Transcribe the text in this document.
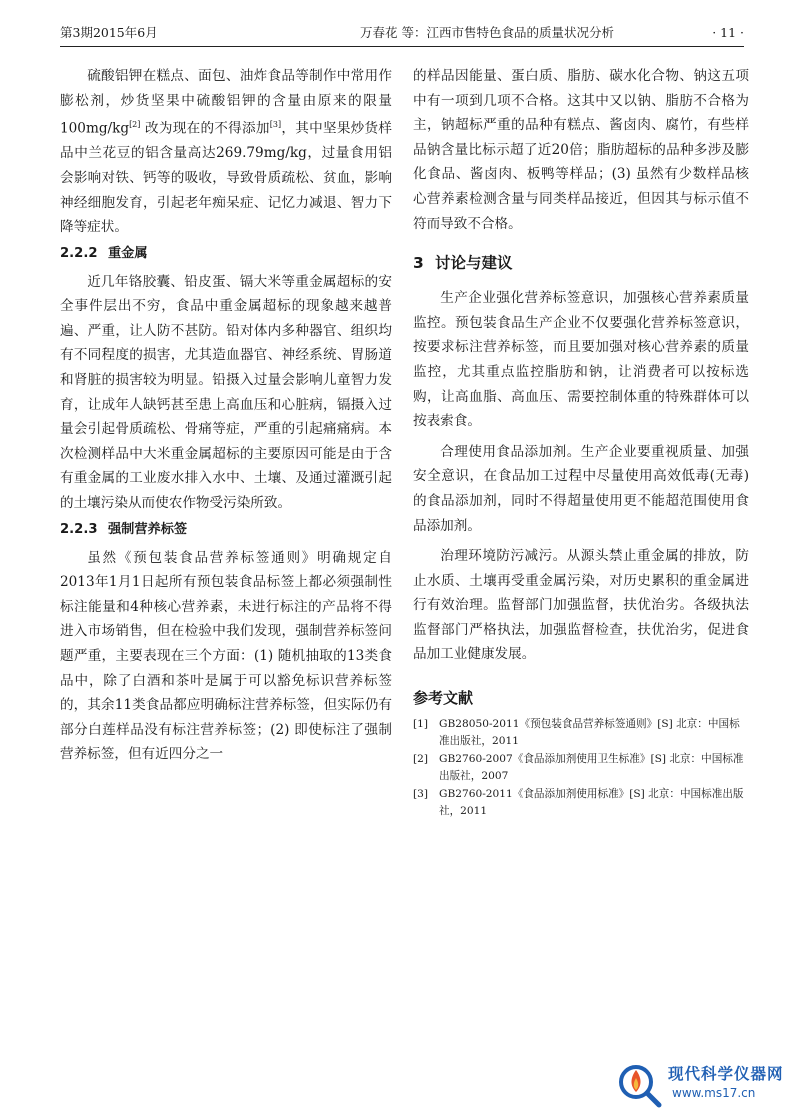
第3期2015年6月	万春花 等：江西市售特色食品的质量状况分析	· 11 ·

硫酸铝钾在糕点、面包、油炸食品等制作中常用作膨松剂，炒货坚果中硫酸铝钾的含量由原来的限量100mg/kg[2] 改为现在的不得添加[3]，其中坚果炒货样品中兰花豆的铝含量高达269.79mg/kg，过量食用铝会影响对铁、钙等的吸收，导致骨质疏松、贫血，影响神经细胞发育，引起老年痴呆症、记忆力减退、智力下降等症状。

2.2.2 重金属

近几年铬胶囊、铅皮蛋、镉大米等重金属超标的安全事件层出不穷，食品中重金属超标的现象越来越普遍、严重，让人防不甚防。铅对体内多种器官、组织均有不同程度的损害，尤其造血器官、神经系统、胃肠道和肾脏的损害较为明显。铅摄入过量会影响儿童智力发育，让成年人缺钙甚至患上高血压和心脏病，镉摄入过量会引起骨质疏松、骨痛等症，严重的引起痛痛病。本次检测样品中大米重金属超标的主要原因可能是由于含有重金属的工业废水排入水中、土壤、及通过灌溉引起的土壤污染从而使农作物受污染所致。

2.2.3 强制营养标签

虽然《预包装食品营养标签通则》明确规定自2013年1月1日起所有预包装食品标签上都必须强制性标注能量和4种核心营养素，未进行标注的产品将不得进入市场销售，但在检验中我们发现，强制营养标签问题严重，主要表现在三个方面：(1) 随机抽取的13类食品中，除了白酒和茶叶是属于可以豁免标识营养标签的，其余11类食品都应明确标注营养标签，但实际仍有部分白莲样品没有标注营养标签；(2) 即使标注了强制营养标签，但有近四分之一

的样品因能量、蛋白质、脂肪、碳水化合物、钠这五项中有一项到几项不合格。这其中又以钠、脂肪不合格为主，钠超标严重的品种有糕点、酱卤肉、腐竹，有些样品钠含量比标示超了近20倍；脂肪超标的品种多涉及膨化食品、酱卤肉、板鸭等样品；(3) 虽然有少数样品核心营养素检测含量与同类样品接近，但因其与标示值不符而导致不合格。

3 讨论与建议

生产企业强化营养标签意识，加强核心营养素质量监控。预包装食品生产企业不仅要强化营养标签意识，按要求标注营养标签，而且要加强对核心营养素的质量监控，尤其重点监控脂肪和钠，让消费者可以按标选购，让高血脂、高血压、需要控制体重的特殊群体可以按表索食。

合理使用食品添加剂。生产企业要重视质量、加强安全意识，在食品加工过程中尽量使用高效低毒(无毒)的食品添加剂，同时不得超量使用更不能超范围使用食品添加剂。

治理环境防污减污。从源头禁止重金属的排放，防止水质、土壤再受重金属污染，对历史累积的重金属进行有效治理。监督部门加强监督，扶优治劣。各级执法监督部门严格执法，加强监督检查，扶优治劣，促进食品加工业健康发展。

参考文献
[1] GB28050-2011《预包装食品营养标签通则》[S] 北京：中国标准出版社，2011
[2] GB2760-2007《食品添加剂使用卫生标准》[S] 北京：中国标准出版社，2007
[3] GB2760-2011《食品添加剂使用标准》[S] 北京：中国标准出版社，2011
现代科学仪器网
www.ms17.cn
